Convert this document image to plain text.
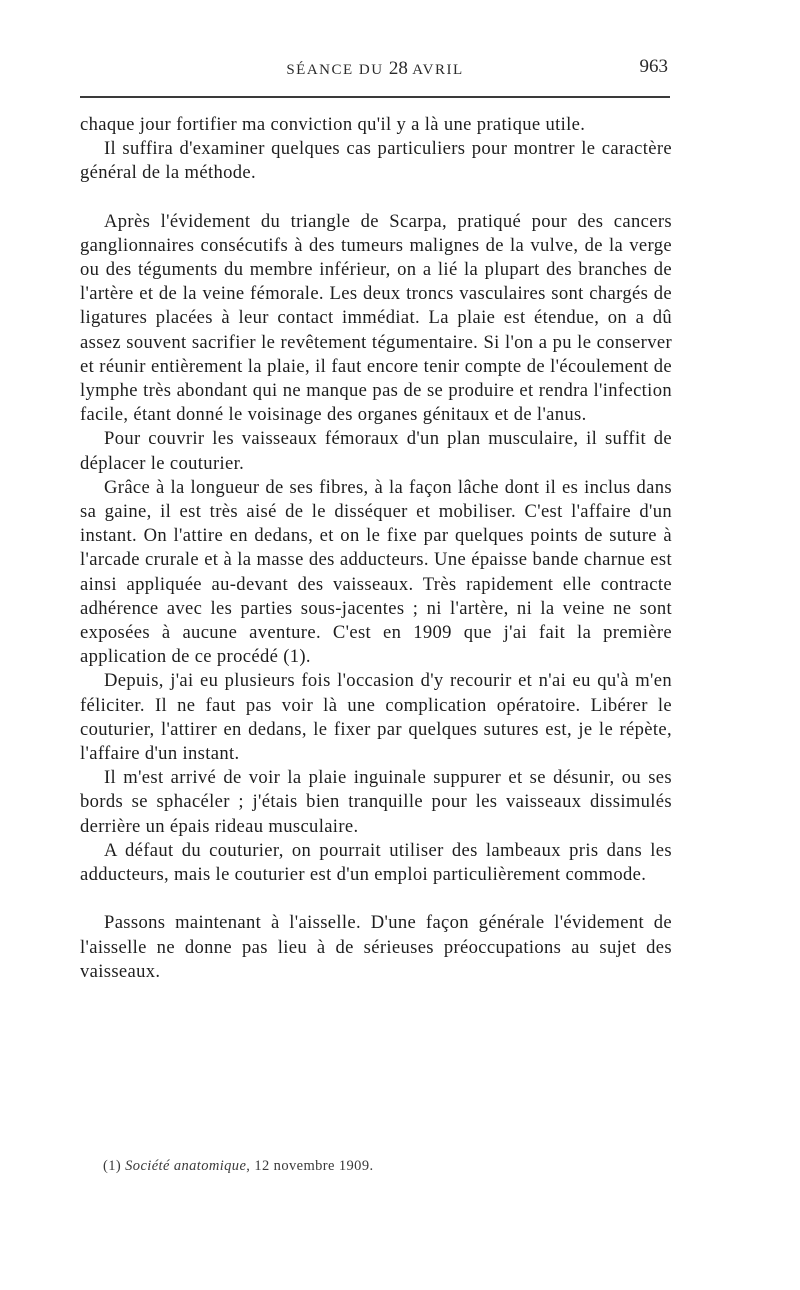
SÉANCE DU 28 AVRIL	963

chaque jour fortifier ma conviction qu'il y a là une pratique utile.

Il suffira d'examiner quelques cas particuliers pour montrer le caractère général de la méthode.

Après l'évidement du triangle de Scarpa, pratiqué pour des cancers ganglionnaires consécutifs à des tumeurs malignes de la vulve, de la verge ou des téguments du membre inférieur, on a lié la plupart des branches de l'artère et de la veine fémorale. Les deux troncs vasculaires sont chargés de ligatures placées à leur contact immédiat. La plaie est étendue, on a dû assez souvent sacrifier le revêtement tégumentaire. Si l'on a pu le conserver et réunir entièrement la plaie, il faut encore tenir compte de l'écoulement de lymphe très abondant qui ne manque pas de se produire et rendra l'infection facile, étant donné le voisinage des organes génitaux et de l'anus.

Pour couvrir les vaisseaux fémoraux d'un plan musculaire, il suffit de déplacer le couturier.

Grâce à la longueur de ses fibres, à la façon lâche dont il es inclus dans sa gaine, il est très aisé de le disséquer et mobiliser. C'est l'affaire d'un instant. On l'attire en dedans, et on le fixe par quelques points de suture à l'arcade crurale et à la masse des adducteurs. Une épaisse bande charnue est ainsi appliquée au-devant des vaisseaux. Très rapidement elle contracte adhérence avec les parties sous-jacentes ; ni l'artère, ni la veine ne sont exposées à aucune aventure. C'est en 1909 que j'ai fait la première application de ce procédé (1).

Depuis, j'ai eu plusieurs fois l'occasion d'y recourir et n'ai eu qu'à m'en féliciter. Il ne faut pas voir là une complication opératoire. Libérer le couturier, l'attirer en dedans, le fixer par quelques sutures est, je le répète, l'affaire d'un instant.

Il m'est arrivé de voir la plaie inguinale suppurer et se désunir, ou ses bords se sphacéler ; j'étais bien tranquille pour les vaisseaux dissimulés derrière un épais rideau musculaire.

A défaut du couturier, on pourrait utiliser des lambeaux pris dans les adducteurs, mais le couturier est d'un emploi particulièrement commode.

Passons maintenant à l'aisselle. D'une façon générale l'évidement de l'aisselle ne donne pas lieu à de sérieuses préoccupations au sujet des vaisseaux.

(1) Société anatomique, 12 novembre 1909.
